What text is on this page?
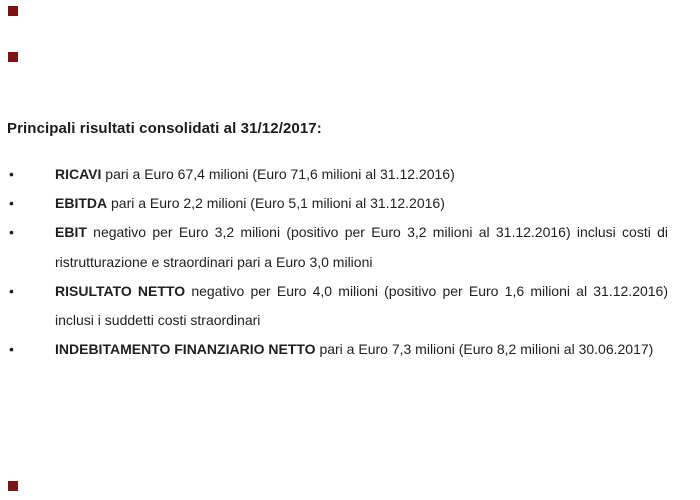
Principali risultati consolidati al 31/12/2017:
•	RICAVI pari a Euro 67,4 milioni (Euro 71,6 milioni al 31.12.2016)

•	EBITDA pari a Euro 2,2 milioni (Euro 5,1 milioni al 31.12.2016)

•	EBIT negativo per Euro 3,2 milioni (positivo per Euro 3,2 milioni al 31.12.2016) inclusi costi di ristrutturazione e straordinari pari a Euro 3,0 milioni

•	RISULTATO NETTO negativo per Euro 4,0 milioni (positivo per Euro 1,6 milioni al 31.12.2016) inclusi i suddetti costi straordinari

•	INDEBITAMENTO FINANZIARIO NETTO pari a Euro 7,3 milioni (Euro 8,2 milioni al 30.06.2017)
